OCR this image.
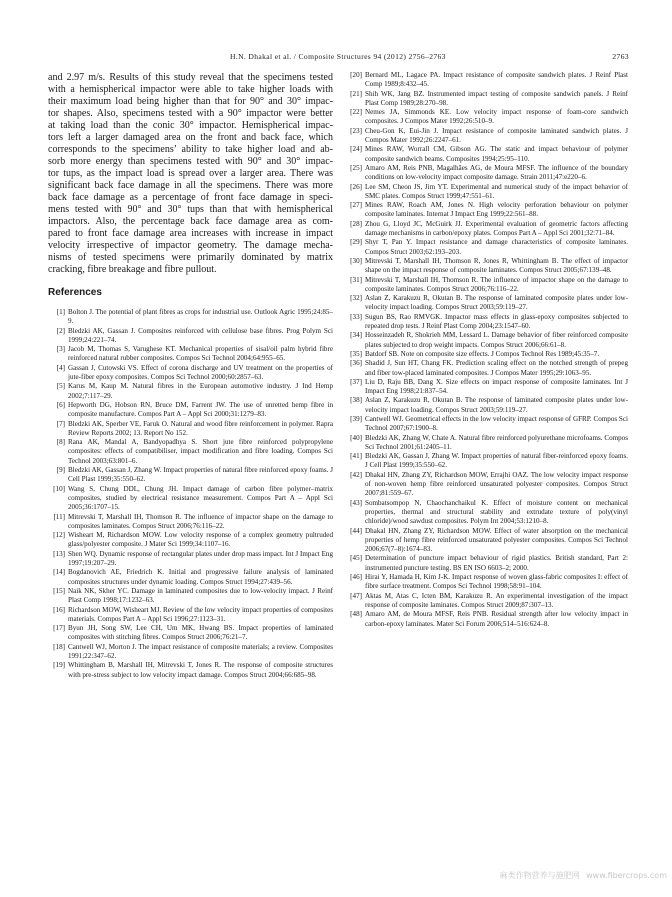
H.N. Dhakal et al. / Composite Structures 94 (2012) 2756–2763	2763
and 2.97 m/s. Results of this study reveal that the specimens tested
with a hemispherical impactor were able to take higher loads with
their maximum load being higher than that for 90° and 30° impac-
tor shapes. Also, specimens tested with a 90° impactor were better
at taking load than the conic 30° impactor. Hemispherical impac-
tors left a larger damaged area on the front and back face, which
corresponds to the specimens’ ability to take higher load and ab-
sorb more energy than specimens tested with 90° and 30° impac-
tor tups, as the impact load is spread over a larger area. There was
significant back face damage in all the specimens. There was more
back face damage as a percentage of front face damage in speci-
mens tested with 90° and 30° tups than that with hemispherical
impactors. Also, the percentage back face damage area as com-
pared to front face damage area increases with increase in impact
velocity irrespective of impactor geometry. The damage mecha-
nisms of tested specimens were primarily dominated by matrix
cracking, fibre breakage and fibre pullout.
References
[1] Bolton J. The potential of plant fibres as crops for industrial use. Outlook Agric 1995;24:85–9.
[2] Bledzki AK, Gassan J. Composites reinforced with cellulose base fibres. Prog Polym Sci 1999;24:221–74.
[3] Jacob M, Thomas S, Varughese KT. Mechanical properties of sisal/oil palm hybrid fibre reinforced natural rubber composites. Compos Sci Technol 2004;64:955–65.
[4] Gassan J, Cutowski VS. Effect of corona discharge and UV treatment on the properties of jute-fiber epoxy composites. Compos Sci Technol 2000;60:2857–63.
[5] Karus M, Kaup M. Natural fibres in the European automotive industry. J Ind Hemp 2002;7:117–29.
[6] Hepworth DG, Hobson RN, Bruce DM, Farrent JW. The use of unretted hemp fibre in composite manufacture. Compos Part A – Appl Sci 2000;31:1279–83.
[7] Bledzki AK, Sperber VE, Faruk O. Natural and wood fibre reinforcement in polymer. Rapra Review Reports 2002; 13. Report No 152.
[8] Rana AK, Mandal A, Bandyopadhya S. Short jute fibre reinforced polypropylene composites: effects of compatibiliser, impact modification and fibre loading. Compos Sci Technol 2003;63:801–6.
[9] Bledzki AK, Gassan J, Zhang W. Impact properties of natural fibre reinforced epoxy foams. J Cell Plast 1999;35:550–62.
[10] Wang S, Chung DDL, Chung JH. Impact damage of carbon fibre polymer–matrix composites, studied by electrical resistance measurement. Compos Part A – Appl Sci 2005;36:1707–15.
[11] Mitrevski T, Marshall IH, Thomson R. The influence of impactor shape on the damage to composites laminates. Compos Struct 2006;76:116–22.
[12] Wisheart M, Richardson MOW. Low velocity response of a complex geometry pultruded glass/polyester composite. J Mater Sci 1999;34:1107–16.
[13] Shen WQ. Dynamic response of rectangular plates under drop mass impact. Int J Impact Eng 1997;19:207–29.
[14] Bogdanovich AE, Friedrich K. Initial and progressive failure analysis of laminated composites structures under dynamic loading. Compos Struct 1994;27:439–56.
[15] Naik NK, Skher YC. Damage in laminated composites due to low-velocity impact. J Reinf Plast Comp 1998;17:1232–63.
[16] Richardson MOW, Wisheart MJ. Review of the low velocity impact properties of composites materials. Compos Part A – Appl Sci 1996;27:1123–31.
[17] Byun JH, Song SW, Lee CH, Um MK, Hwang BS. Impact properties of laminated composites with stitching fibres. Compos Struct 2006;76:21–7.
[18] Cantwell WJ, Morton J. The impact resistance of composite materials; a review. Composites 1991;22:347–62.
[19] Whittingham B, Marshall IH, Mitrevski T, Jones R. The response of composite structures with pre-stress subject to low velocity impact damage. Compos Struct 2004;66:685–98.
[20] Bernard ML, Lagace PA. Impact resistance of composite sandwich plates. J Reinf Plast Comp 1989;8:432–45.
[21] Shih WK, Jang BZ. Instrumented impact testing of composite sandwich panels. J Reinf Plast Comp 1989;28:270–98.
[22] Nemes JA, Simmonds KE. Low velocity impact response of foam-core sandwich composites. J Compos Mater 1992;26:510–9.
[23] Cheu-Gon K, Eui-Jin J. Impact resistance of composite laminated sandwich plates. J Compos Mater 1992;26:2247–61.
[24] Mines RAW, Worrall CM, Gibson AG. The static and impact behaviour of polymer composite sandwich beams. Composites 1994;25:95–110.
[25] Amaro AM, Reis PNB, Magalhães AG, de Moura MFSF. The influence of the boundary conditions on low-velocity impact composite damage. Strain 2011;47:e220–6.
[26] Lee SM, Cheon JS, Jim YT. Experimental and numerical study of the impact behavior of SMC plates. Compos Struct 1999;47:551–61.
[27] Mines RAW, Roach AM, Jones N. High velocity perforation behaviour on polymer composite laminates. Internat J Impact Eng 1999;22:561–88.
[28] Zhou G, Lloyd JC, McGuirk JJ. Experimental evaluation of geometric factors affecting damage mechanisms in carbon/epoxy plates. Compos Part A – Appl Sci 2001;32:71–84.
[29] Shyr T, Pan Y. Impact resistance and damage characteristics of composite laminates. Compos Struct 2003;62:193–203.
[30] Mitrevski T, Marshall IH, Thomson R, Jones R, Whittingham B. The effect of impactor shape on the impact response of composite laminates. Compos Struct 2005;67:139–48.
[31] Mitrevski T, Marshall IH, Thomson R. The influence of impactor shape on the damage to composite laminates. Compos Struct 2006;76:116–22.
[32] Aslan Z, Karakuzu R, Okutan B. The response of laminated composite plates under low-velocity impact loading. Compos Struct 2003;59:119–27.
[33] Sugun BS, Rao RMVGK. Impactor mass effects in glass-epoxy composites subjected to repeated drop tests. J Reinf Plast Comp 2004;23:1547–60.
[34] Hosseinzadeh R, Shokrieh MM, Lessard L. Damage behavior of fiber reinforced composite plates subjected to drop weight impacts. Compos Struct 2006;66:61–8.
[35] Batdorf SB. Note on composite size effects. J Compos Technol Res 1989;45:35–7.
[36] Shadid J, Sun HT, Chang FK. Prediction scaling effect on the notched strength of prepeg and fiber tow-placed laminated composites. J Compos Mater 1995;29:1063–95.
[37] Liu D, Raju BB, Dang X. Size effects on impact response of composite laminates. Int J Impact Eng 1998;21:837–54.
[38] Aslan Z, Karakuzu R, Okutan B. The response of laminated composite plates under low-velocity impact loading. Compos Struct 2003;59:119–27.
[39] Cantwell WJ. Geometrical effects in the low velocity impact response of GFRP. Compos Sci Technol 2007;67:1900–8.
[40] Bledzki AK, Zhang W, Chate A. Natural fibre reinforced polyurethane microfoams. Compos Sci Technol 2001;61:2405–11.
[41] Bledzki AK, Gassan J, Zhang W. Impact properties of natural fiber-reinforced epoxy foams. J Cell Plast 1999;35:550–62.
[42] Dhakal HN, Zhang ZY, Richardson MOW, Errajhi OAZ. The low velocity impact response of non-woven hemp fibre reinforced unsaturated polyester composites. Compos Struct 2007;81:559–67.
[43] Sombatsompop N, Chaochanchaikul K. Effect of moisture content on mechanical properties, thermal and structural stability and extrudate texture of poly(vinyl chloride)/wood sawdust composites. Polym Int 2004;53:1210–8.
[44] Dhakal HN, Zhang ZY, Richardson MOW. Effect of water absorption on the mechanical properties of hemp fibre reinforced unsaturated polyester composites. Compos Sci Technol 2006;67(7–8):1674–83.
[45] Determination of puncture impact behaviour of rigid plastics. British standard, Part 2: instrumented puncture testing. BS EN ISO 6603–2; 2000.
[46] Hirai Y, Hamada H, Kim J-K. Impact response of woven glass-fabric composites I: effect of fibre surface treatment. Compos Sci Technol 1998;58:91–104.
[47] Aktas M, Atas C, Icten BM, Karakuzu R. An experimental investigation of the impact response of composite laminates. Compos Struct 2009;87:307–13.
[48] Amaro AM, de Moura MFSF, Reis PNB. Residual strength after low velocity impact in carbon-epoxy laminates. Mater Sci Forum 2006;514–516:624–8.
麻类作物营养与施肥网 www.fibercrops.com
